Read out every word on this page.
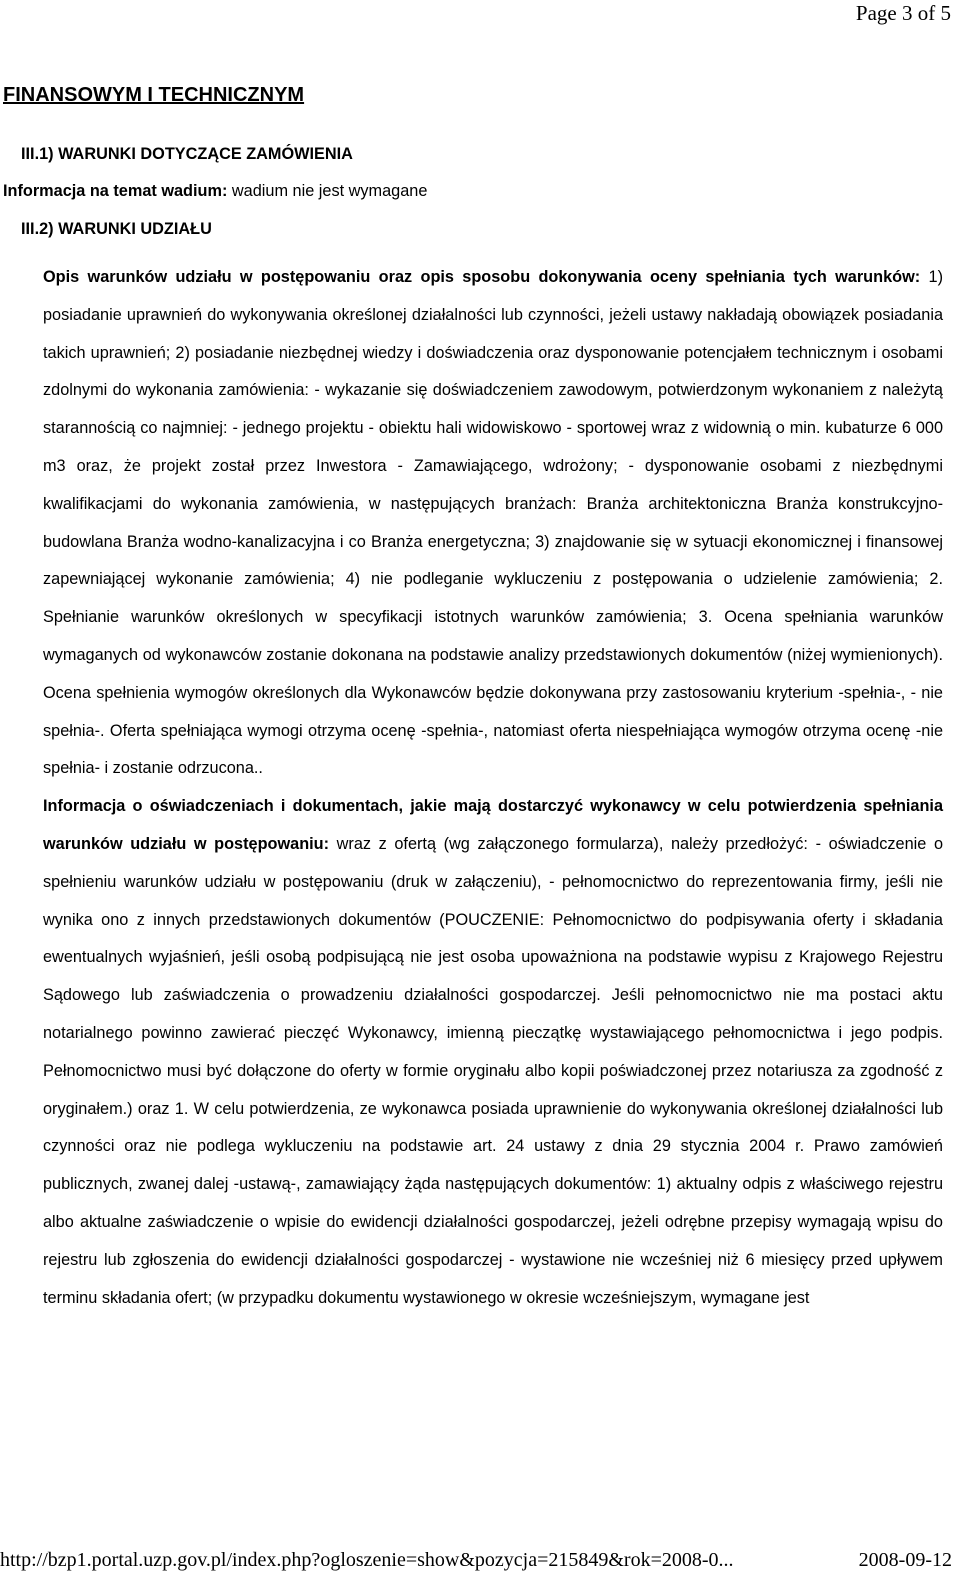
Page 3 of 5
FINANSOWYM I TECHNICZNYM
III.1) WARUNKI DOTYCZĄCE ZAMÓWIENIA
Informacja na temat wadium: wadium nie jest wymagane
III.2) WARUNKI UDZIAŁU

Opis warunków udziału w postępowaniu oraz opis sposobu dokonywania oceny spełniania tych warunków: 1) posiadanie uprawnień do wykonywania określonej działalności lub czynności, jeżeli ustawy nakładają obowiązek posiadania takich uprawnień; 2) posiadanie niezbędnej wiedzy i doświadczenia oraz dysponowanie potencjałem technicznym i osobami zdolnymi do wykonania zamówienia: - wykazanie się doświadczeniem zawodowym, potwierdzonym wykonaniem z należytą starannością co najmniej: - jednego projektu - obiektu hali widowiskowo - sportowej wraz z widownią o min. kubaturze 6 000 m3 oraz, że projekt został przez Inwestora - Zamawiającego, wdrożony; - dysponowanie osobami z niezbędnymi kwalifikacjami do wykonania zamówienia, w następujących branżach: Branża architektoniczna Branża konstrukcyjno-budowlana Branża wodno-kanalizacyjna i co Branża energetyczna; 3) znajdowanie się w sytuacji ekonomicznej i finansowej zapewniającej wykonanie zamówienia; 4) nie podleganie wykluczeniu z postępowania o udzielenie zamówienia; 2. Spełnianie warunków określonych w specyfikacji istotnych warunków zamówienia; 3. Ocena spełniania warunków wymaganych od wykonawców zostanie dokonana na podstawie analizy przedstawionych dokumentów (niżej wymienionych). Ocena spełnienia wymogów określonych dla Wykonawców będzie dokonywana przy zastosowaniu kryterium -spełnia-, - nie spełnia-. Oferta spełniająca wymogi otrzyma ocenę -spełnia-, natomiast oferta niespełniająca wymogów otrzyma ocenę -nie spełnia- i zostanie odrzucona..

Informacja o oświadczeniach i dokumentach, jakie mają dostarczyć wykonawcy w celu potwierdzenia spełniania warunków udziału w postępowaniu: wraz z ofertą (wg załączonego formularza), należy przedłożyć: - oświadczenie o spełnieniu warunków udziału w postępowaniu (druk w załączeniu), - pełnomocnictwo do reprezentowania firmy, jeśli nie wynika ono z innych przedstawionych dokumentów (POUCZENIE: Pełnomocnictwo do podpisywania oferty i składania ewentualnych wyjaśnień, jeśli osobą podpisującą nie jest osoba upoważniona na podstawie wypisu z Krajowego Rejestru Sądowego lub zaświadczenia o prowadzeniu działalności gospodarczej. Jeśli pełnomocnictwo nie ma postaci aktu notarialnego powinno zawierać pieczęć Wykonawcy, imienną pieczątkę wystawiającego pełnomocnictwa i jego podpis. Pełnomocnictwo musi być dołączone do oferty w formie oryginału albo kopii poświadczonej przez notariusza za zgodność z oryginałem.) oraz 1. W celu potwierdzenia, ze wykonawca posiada uprawnienie do wykonywania określonej działalności lub czynności oraz nie podlega wykluczeniu na podstawie art. 24 ustawy z dnia 29 stycznia 2004 r. Prawo zamówień publicznych, zwanej dalej -ustawą-, zamawiający żąda następujących dokumentów: 1) aktualny odpis z właściwego rejestru albo aktualne zaświadczenie o wpisie do ewidencji działalności gospodarczej, jeżeli odrębne przepisy wymagają wpisu do rejestru lub zgłoszenia do ewidencji działalności gospodarczej - wystawione nie wcześniej niż 6 miesięcy przed upływem terminu składania ofert; (w przypadku dokumentu wystawionego w okresie wcześniejszym, wymagane jest

http://bzp1.portal.uzp.gov.pl/index.php?ogloszenie=show&pozycja=215849&rok=2008-0...	2008-09-12
